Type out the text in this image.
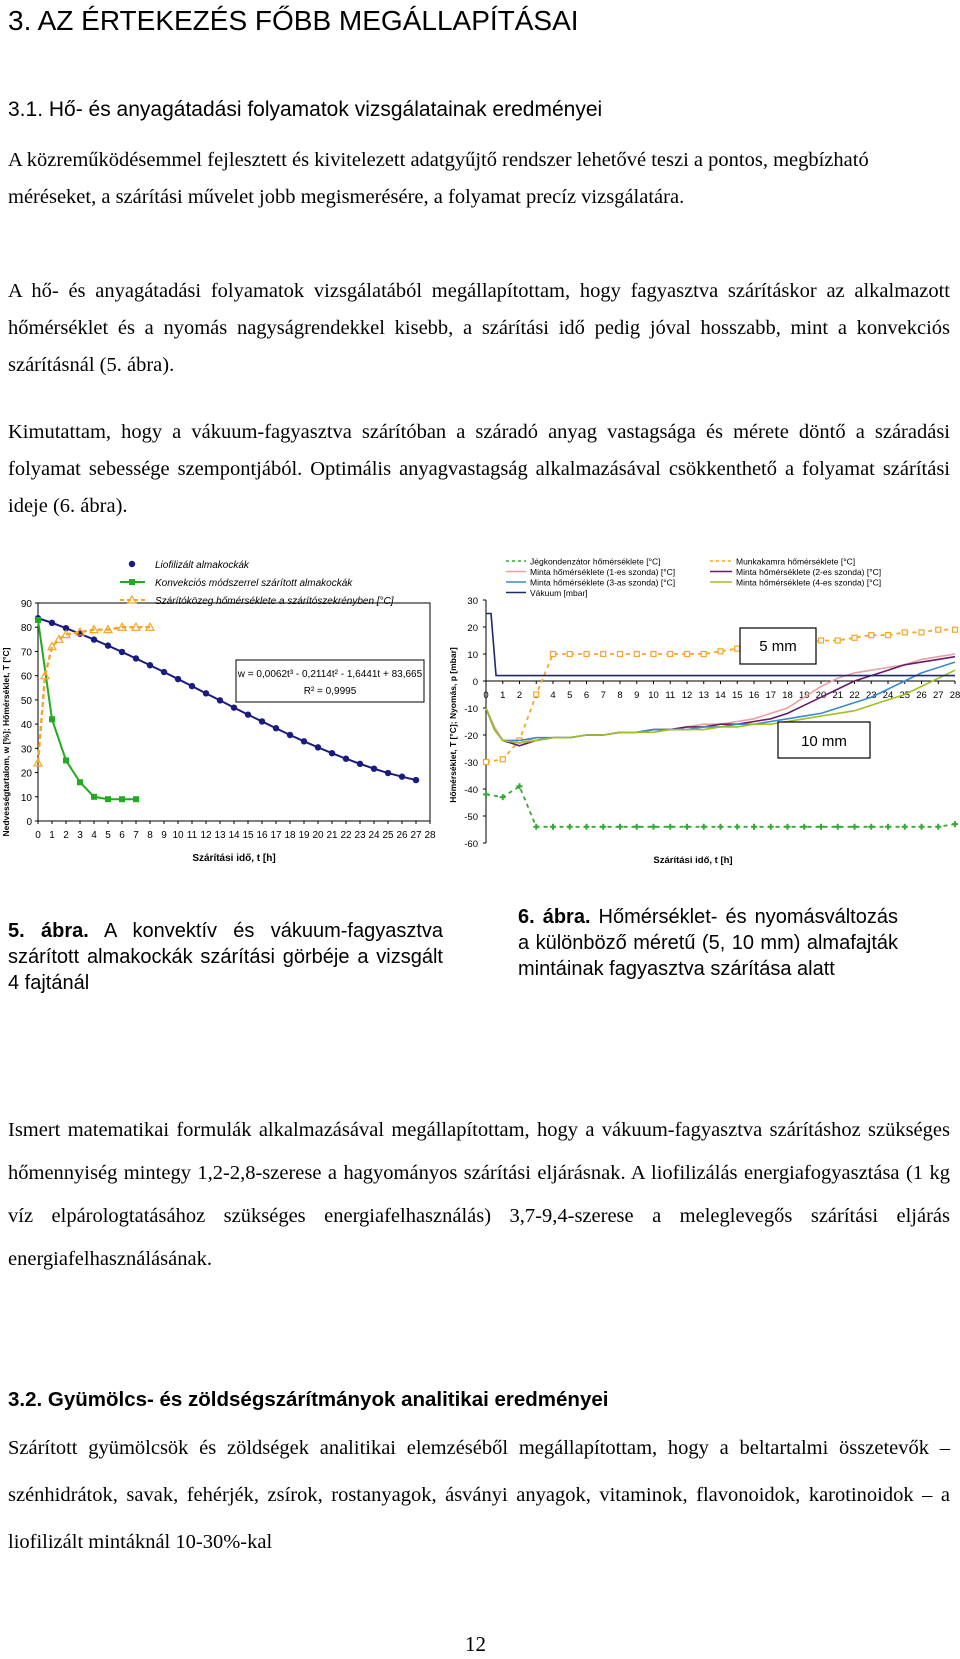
3. AZ ÉRTEKEZÉS FŐBB MEGÁLLAPÍTÁSAI
3.1. Hő- és anyagátadási folyamatok vizsgálatainak eredményei
A közreműködésemmel fejlesztett és kivitelezett adatgyűjtő rendszer lehetővé teszi a pontos, megbízható méréseket, a szárítási művelet jobb megismerésére, a folyamat precíz vizsgálatára.
A hő- és anyagátadási folyamatok vizsgálatából megállapítottam, hogy fagyasztva szárításkor az alkalmazott hőmérséklet és a nyomás nagyságrendekkel kisebb, a szárítási idő pedig jóval hosszabb, mint a konvekciós szárításnál (5. ábra).
Kimutattam, hogy a vákuum-fagyasztva szárítóban a száradó anyag vastagsága és mérete döntő a száradási folyamat sebessége szempontjából. Optimális anyagvastagság alkalmazásával csökkenthető a folyamat szárítási ideje (6. ábra).
0
10
20
30
40
50
60
70
80
90
0 1 2 3 4 5 6 7 8 9 10 11 12 13 14 15 16 17 18 19 20 21 22 23 24 25 26 27 28
Szárítási idő, t [h]
Nedvességtartalom, w [%]; Hőmérséklet, T [°C]
Liofilizált almakockák
Konvekciós módszerrel szárított almakockák
Szárítóközeg hőmérséklete a szárítószekrényben [°C]
w = 0,0062t³ - 0,2114t² - 1,6441t + 83,665
R² = 0,9995
30
20
10
0
-10
-20
-30
-40
-50
-60
0 1 2	4 5 6 7 8 9 10 11 12 13 14 15 16 17 18 19 20 21 22 23 24 25 26 27 28
Szárítási idő, t [h]
Hőmérséklet, T [°C]; Nyomás, p [mbar]
Jégkondenzátor hőmérséklete [°C]
Minta hőmérséklete (1-es szonda) [°C]
Minta hőmérséklete (3-as szonda) [°C]
Vákuum [mbar]
Munkakamra hőmérséklete [°C]
Minta hőmérséklete (2-es szonda) [°C]
Minta hőmérséklete (4-es szonda) [°C]
5 mm
10 mm
5. ábra. A konvektív és vákuum-fagyasztva szárított almakockák szárítási görbéje a vizsgált 4 fajtánál
6. ábra. Hőmérséklet- és nyomásváltozás a különböző méretű (5, 10 mm) almafajták mintáinak fagyasztva szárítása alatt
Ismert matematikai formulák alkalmazásával megállapítottam, hogy a vákuum-fagyasztva szárításhoz szükséges hőmennyiség mintegy 1,2-2,8-szerese a hagyományos szárítási eljárásnak. A liofilizálás energiafogyasztása (1 kg víz elpárologtatásához szükséges energiafelhasználás) 3,7-9,4-szerese a meleglevegős szárítási eljárás energiafelhasználásának.
3.2. Gyümölcs- és zöldségszárítmányok analitikai eredményei
Szárított gyümölcsök és zöldségek analitikai elemzéséből megállapítottam, hogy a beltartalmi összetevők – szénhidrátok, savak, fehérjék, zsírok, rostanyagok, ásványi anyagok, vitaminok, flavonoidok, karotinoidok – a liofilizált mintáknál 10-30%-kal
12
